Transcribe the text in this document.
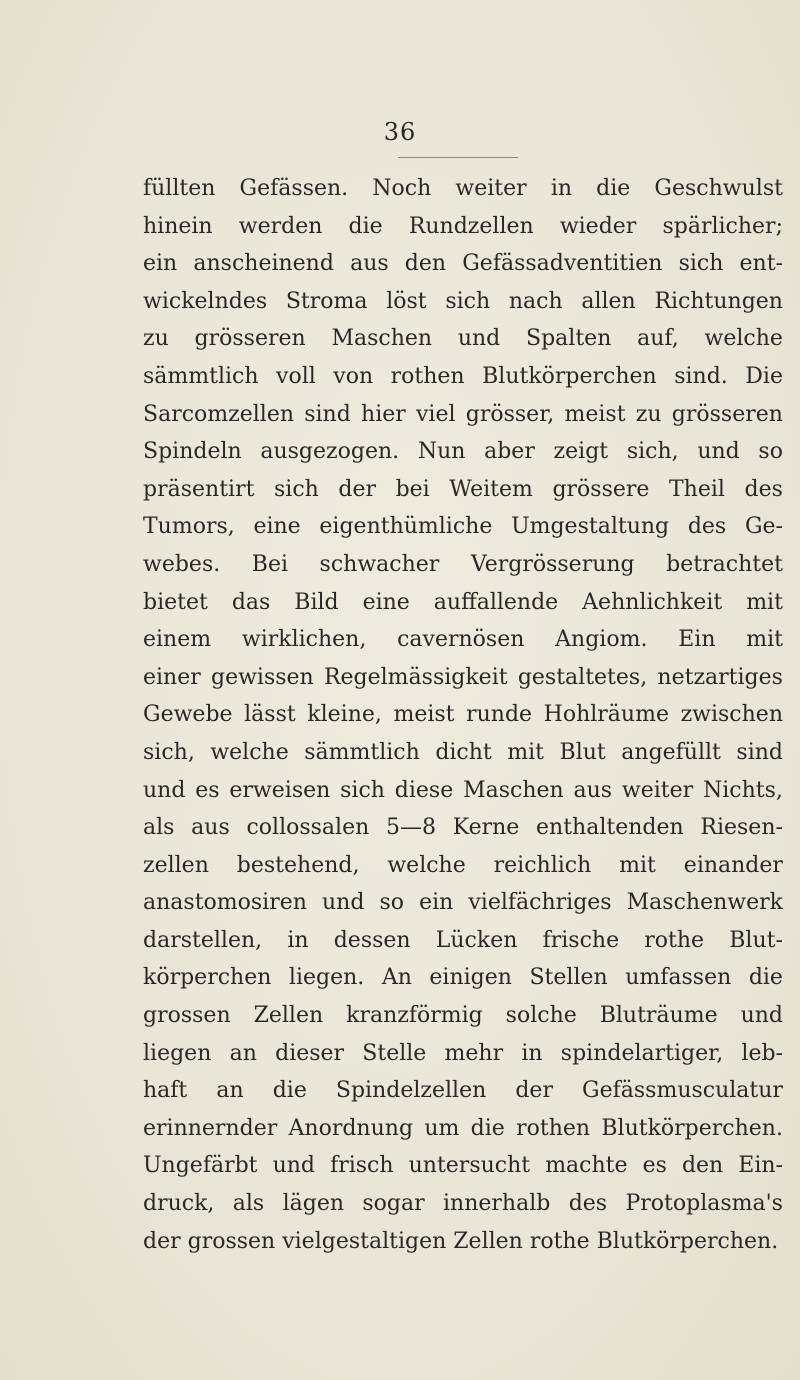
36
füllten Gefässen. Noch weiter in die Geschwulst
hinein werden die Rundzellen wieder spärlicher;
ein anscheinend aus den Gefässadventitien sich ent-
wickelndes Stroma löst sich nach allen Richtungen
zu grösseren Maschen und Spalten auf, welche
sämmtlich voll von rothen Blutkörperchen sind. Die
Sarcomzellen sind hier viel grösser, meist zu grösseren
Spindeln ausgezogen. Nun aber zeigt sich, und so
präsentirt sich der bei Weitem grössere Theil des
Tumors, eine eigenthümliche Umgestaltung des Ge-
webes. Bei schwacher Vergrösserung betrachtet
bietet das Bild eine auffallende Aehnlichkeit mit
einem wirklichen, cavernösen Angiom. Ein mit
einer gewissen Regelmässigkeit gestaltetes, netzartiges
Gewebe lässt kleine, meist runde Hohlräume zwischen
sich, welche sämmtlich dicht mit Blut angefüllt sind
und es erweisen sich diese Maschen aus weiter Nichts,
als aus collossalen 5—8 Kerne enthaltenden Riesen-
zellen bestehend, welche reichlich mit einander
anastomosiren und so ein vielfächriges Maschenwerk
darstellen, in dessen Lücken frische rothe Blut-
körperchen liegen. An einigen Stellen umfassen die
grossen Zellen kranzförmig solche Bluträume und
liegen an dieser Stelle mehr in spindelartiger, leb-
haft an die Spindelzellen der Gefässmusculatur
erinnernder Anordnung um die rothen Blutkörperchen.
Ungefärbt und frisch untersucht machte es den Ein-
druck, als lägen sogar innerhalb des Protoplasma's
der grossen vielgestaltigen Zellen rothe Blutkörperchen.
